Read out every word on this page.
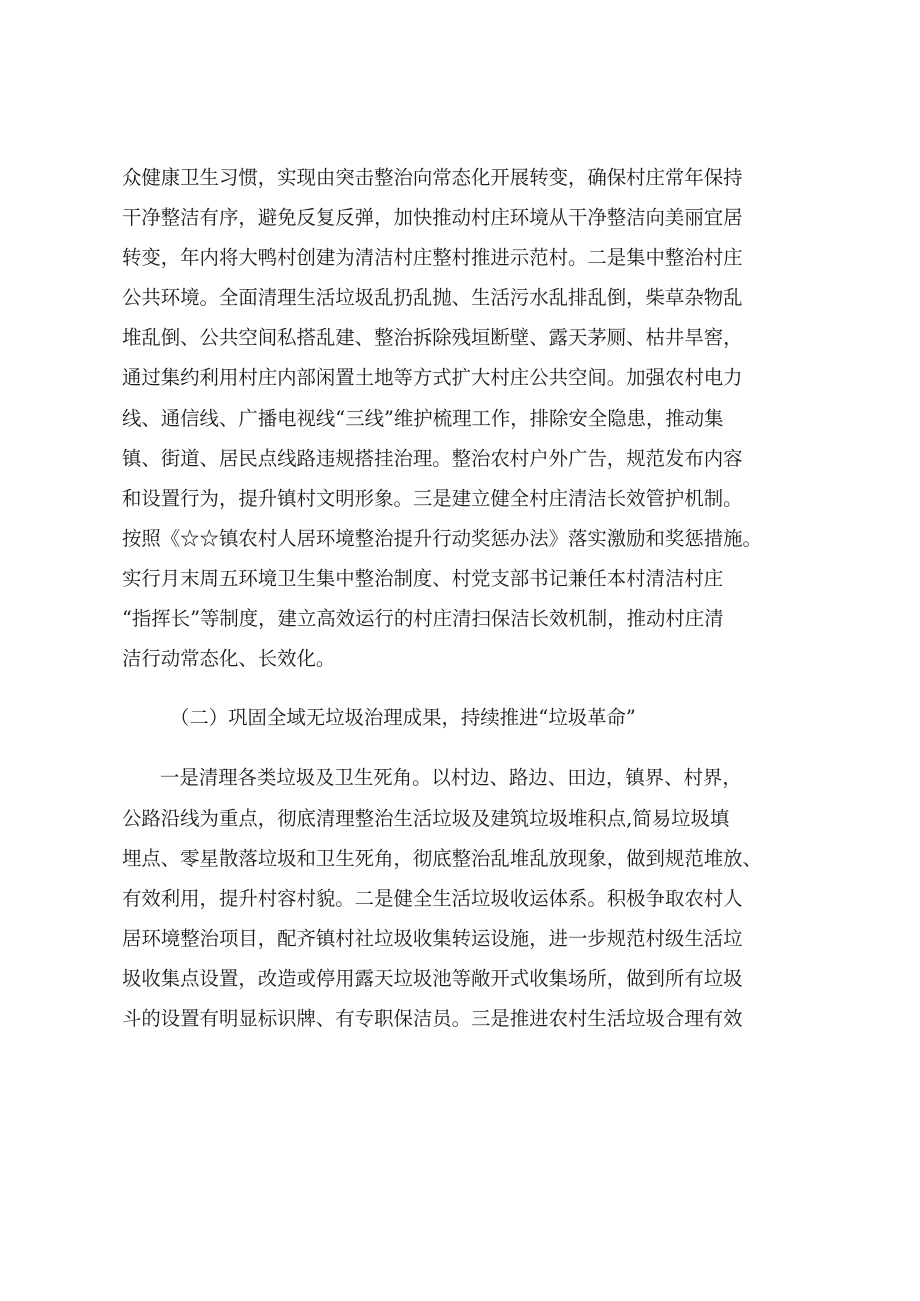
众健康卫生习惯，实现由突击整治向常态化开展转变，确保村庄常年保持
干净整洁有序，避免反复反弹，加快推动村庄环境从干净整洁向美丽宜居
转变，年内将大鸭村创建为清洁村庄整村推进示范村。二是集中整治村庄
公共环境。全面清理生活垃圾乱扔乱抛、生活污水乱排乱倒，柴草杂物乱
堆乱倒、公共空间私搭乱建、整治拆除残垣断壁、露天茅厕、枯井旱窖，
通过集约利用村庄内部闲置土地等方式扩大村庄公共空间。加强农村电力
线、通信线、广播电视线“三线”维护梳理工作，排除安全隐患，推动集
镇、街道、居民点线路违规搭挂治理。整治农村户外广告，规范发布内容
和设置行为，提升镇村文明形象。三是建立健全村庄清洁长效管护机制。
按照《☆☆镇农村人居环境整治提升行动奖惩办法》落实激励和奖惩措施。
实行月末周五环境卫生集中整治制度、村党支部书记兼任本村清洁村庄
“指挥长”等制度，建立高效运行的村庄清扫保洁长效机制，推动村庄清
洁行动常态化、长效化。
（二）巩固全域无垃圾治理成果，持续推进“垃圾革命”
一是清理各类垃圾及卫生死角。以村边、路边、田边，镇界、村界，
公路沿线为重点，彻底清理整治生活垃圾及建筑垃圾堆积点,简易垃圾填
埋点、零星散落垃圾和卫生死角，彻底整治乱堆乱放现象，做到规范堆放、
有效利用，提升村容村貌。二是健全生活垃圾收运体系。积极争取农村人
居环境整治项目，配齐镇村社垃圾收集转运设施，进一步规范村级生活垃
圾收集点设置，改造或停用露天垃圾池等敞开式收集场所，做到所有垃圾
斗的设置有明显标识牌、有专职保洁员。三是推进农村生活垃圾合理有效
